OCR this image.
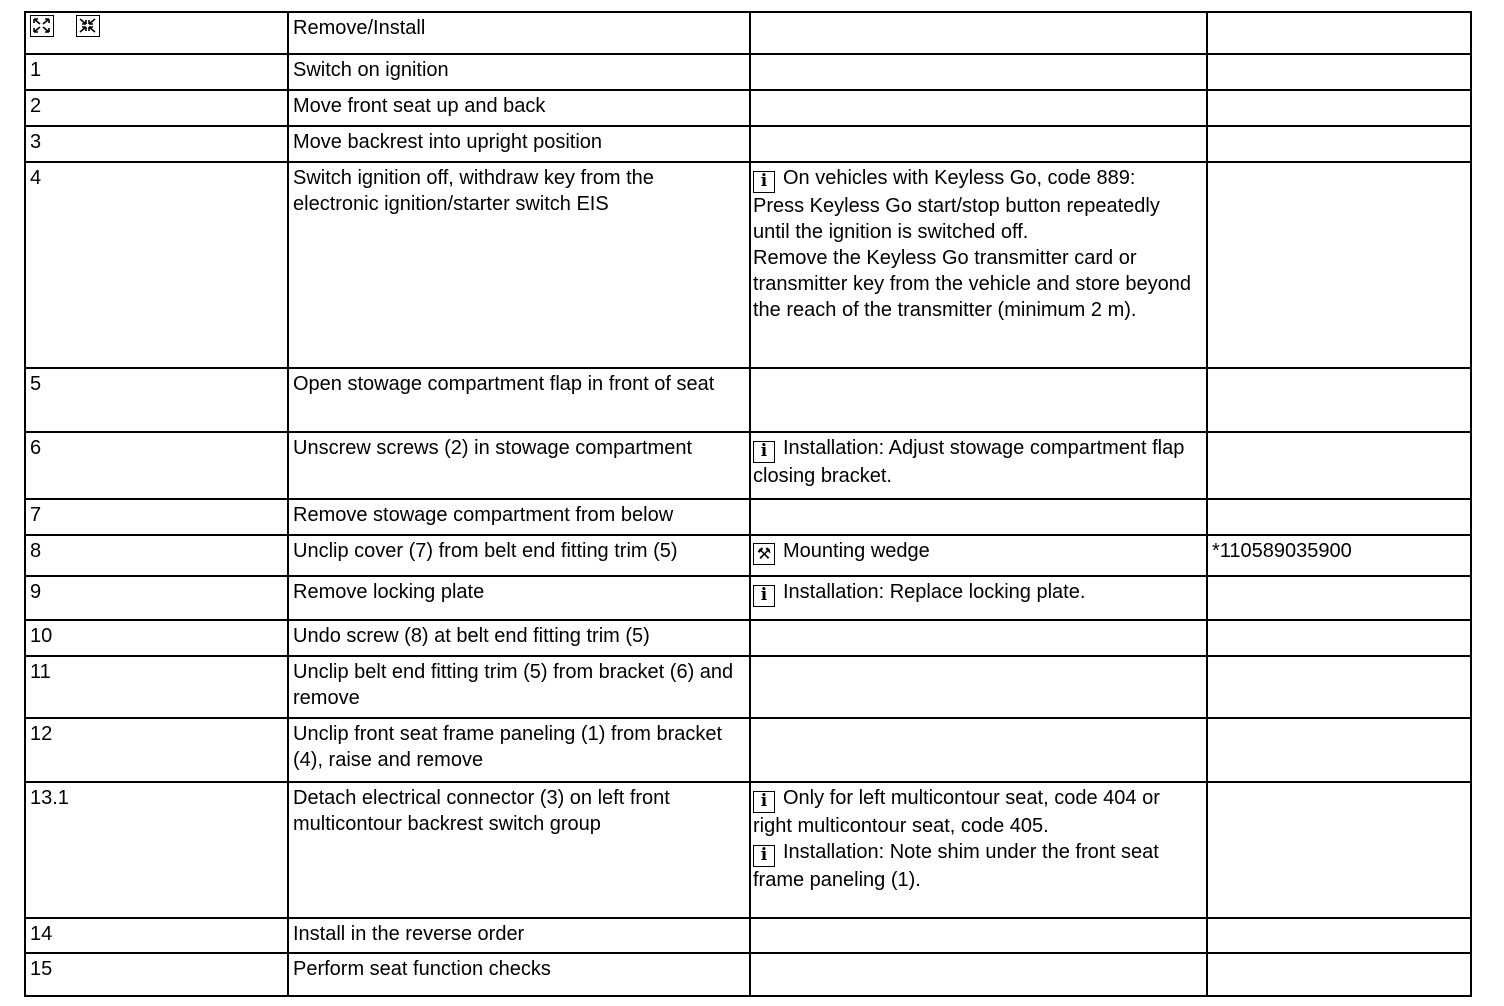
	Remove/Install		
1	Switch on ignition		
2	Move front seat up and back		
3	Move backrest into upright position		
4	Switch ignition off, withdraw key from the electronic ignition/starter switch EIS	i On vehicles with Keyless Go, code 889:
Press Keyless Go start/stop button repeatedly until the ignition is switched off.
Remove the Keyless Go transmitter card or transmitter key from the vehicle and store beyond the reach of the transmitter (minimum 2 m).	

5	Open stowage compartment flap in front of seat		
6	Unscrew screws (2) in stowage compartment	i Installation: Adjust stowage compartment flap closing bracket.	
7	Remove stowage compartment from below		
8	Unclip cover (7) from belt end fitting trim (5)	⚒ Mounting wedge	*110589035900
9	Remove locking plate	i Installation: Replace locking plate.	
10	Undo screw (8) at belt end fitting trim (5)		
11	Unclip belt end fitting trim (5) from bracket (6) and remove		
12	Unclip front seat frame paneling (1) from bracket (4), raise and remove		
13.1	Detach electrical connector (3) on left front multicontour backrest switch group	i Only for left multicontour seat, code 404 or right multicontour seat, code 405.
i Installation: Note shim under the front seat frame paneling (1).	

14	Install in the reverse order		
15	Perform seat function checks		
